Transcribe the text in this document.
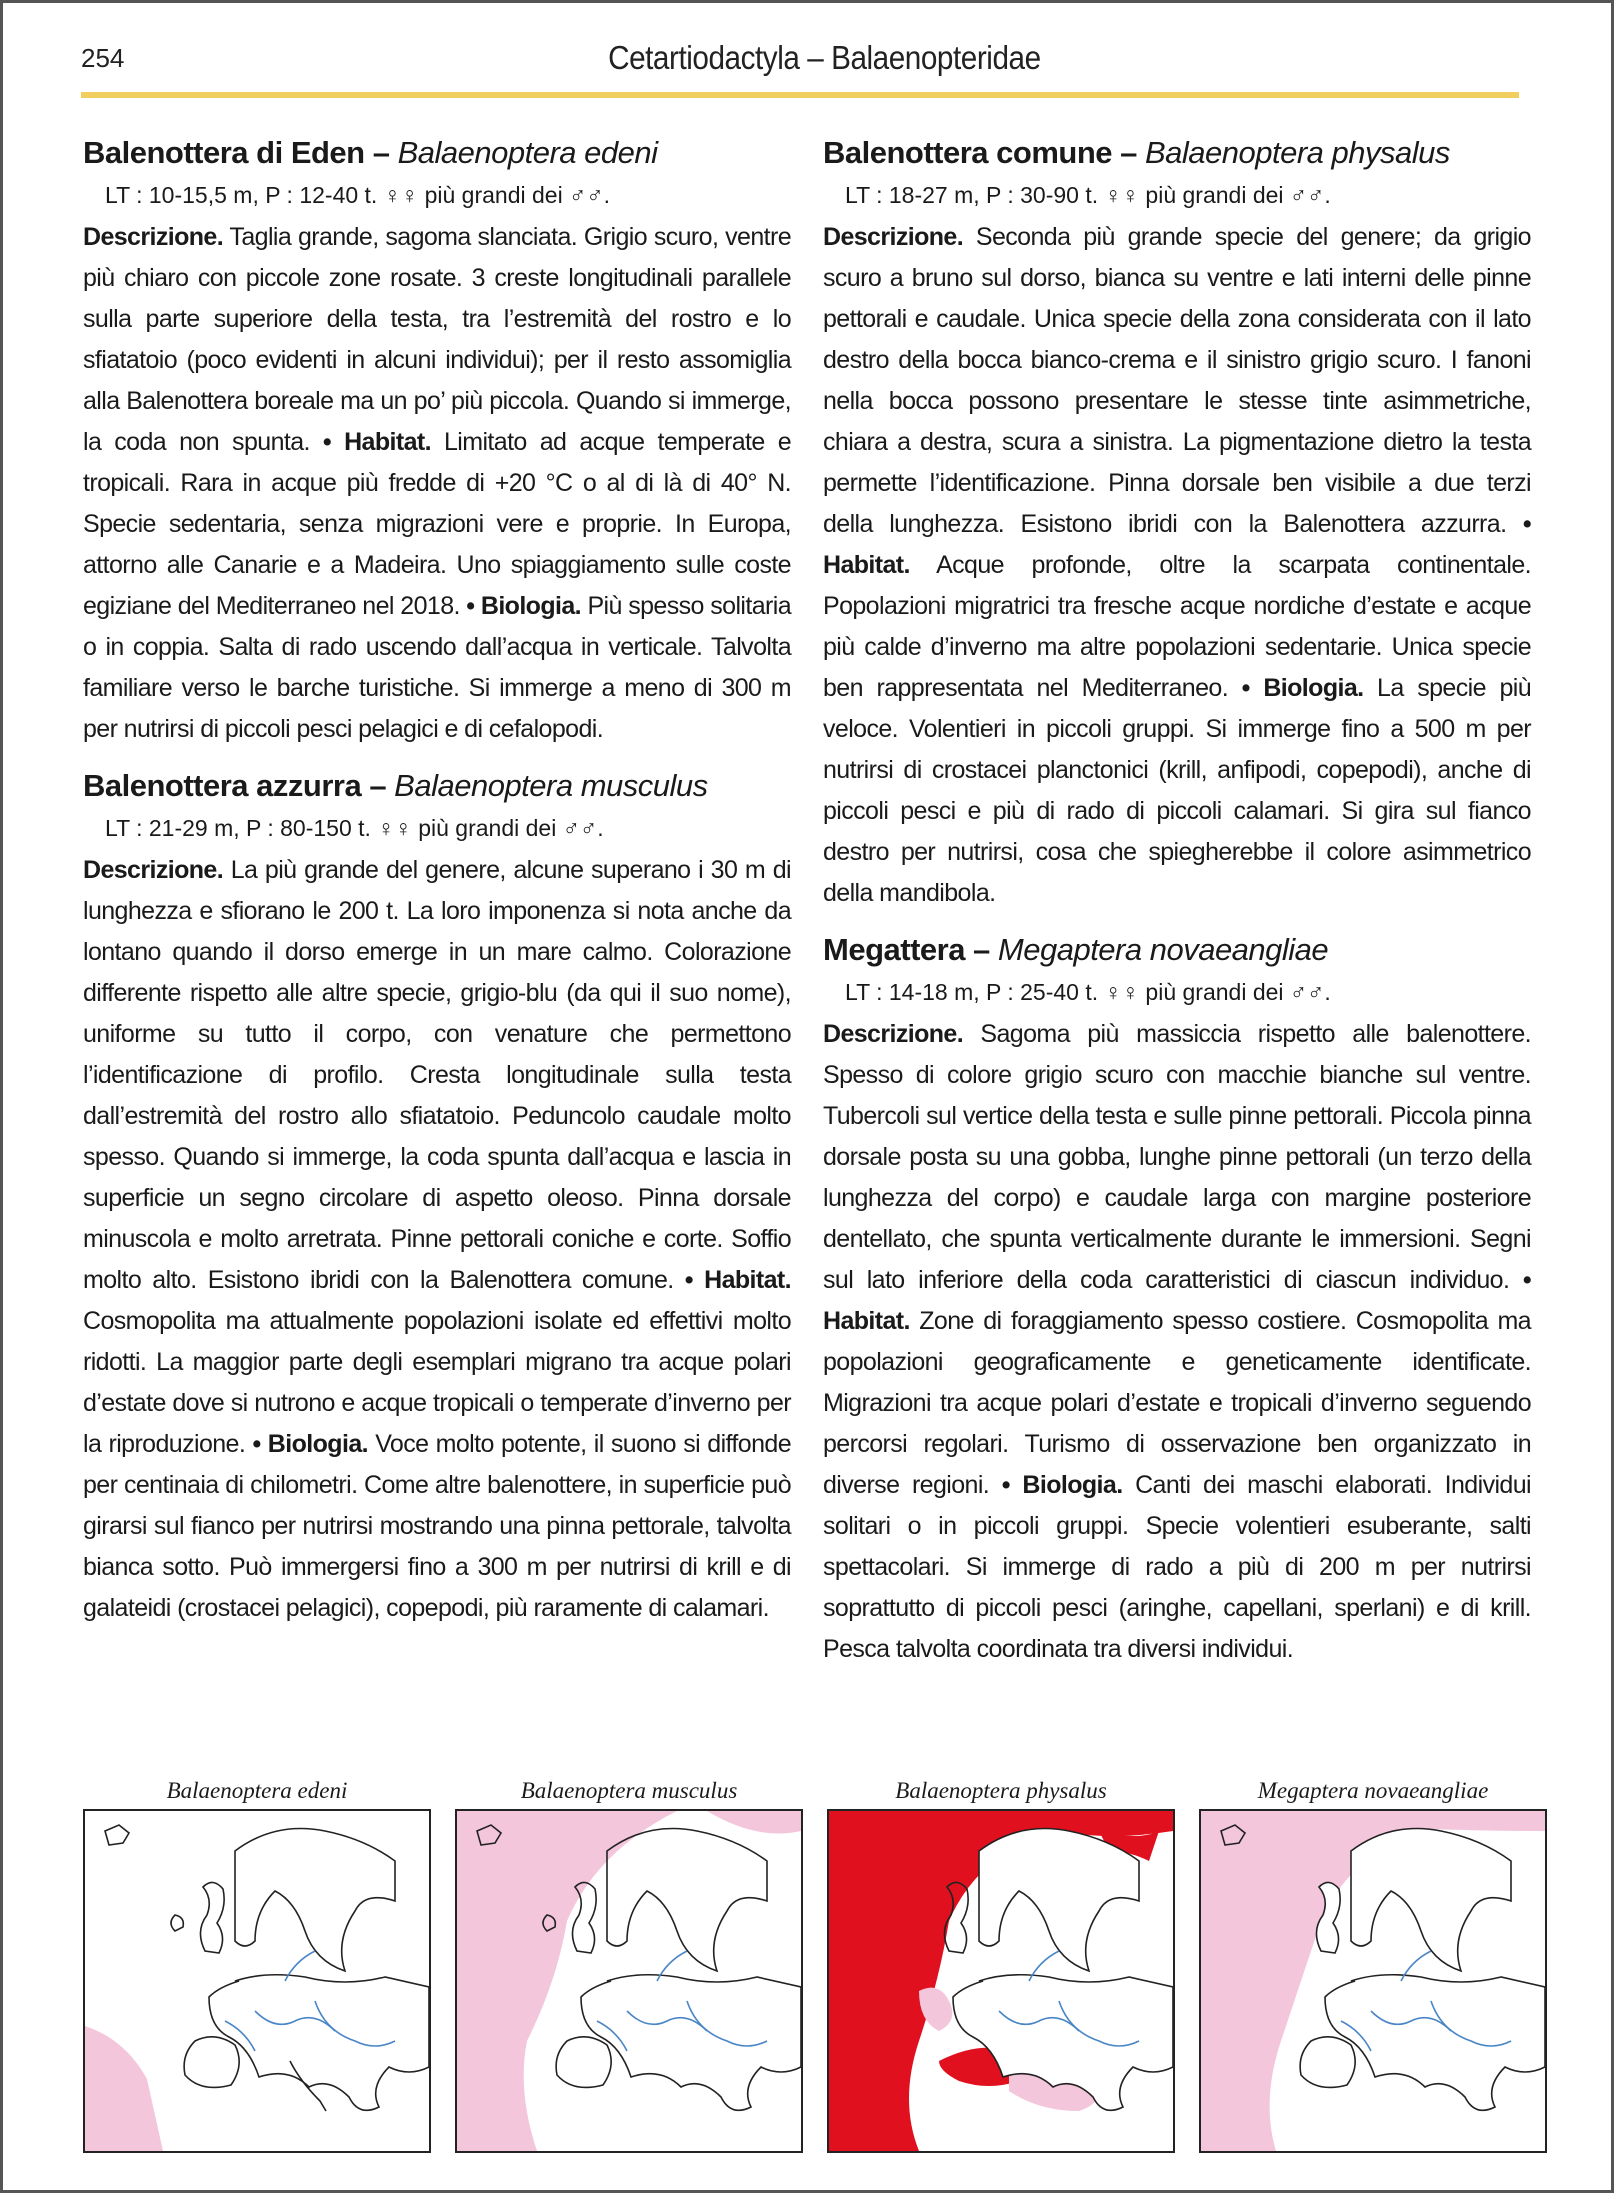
254	Cetartiodactyla – Balaenopteridae
Balenottera di Eden – Balaenoptera edeni
LT : 10-15,5 m, P : 12-40 t. ♀♀ più grandi dei ♂♂.
Descrizione. Taglia grande, sagoma slanciata. Grigio scuro, ventre più chiaro con piccole zone rosate. 3 creste longitudinali parallele sulla parte superiore della testa, tra l’estremità del rostro e lo sfiatatoio (poco evidenti in alcuni individui); per il resto assomiglia alla Balenottera boreale ma un po’ più piccola. Quando si immerge, la coda non spunta. • Habitat. Limitato ad acque temperate e tropicali. Rara in acque più fredde di +20 °C o al di là di 40° N. Specie sedentaria, senza migrazioni vere e proprie. In Europa, attorno alle Canarie e a Madeira. Uno spiaggiamento sulle coste egiziane del Mediterraneo nel 2018. • Biologia. Più spesso solitaria o in coppia. Salta di rado uscendo dall’acqua in verticale. Talvolta familiare verso le barche turistiche. Si immerge a meno di 300 m per nutrirsi di piccoli pesci pelagici e di cefalopodi.
Balenottera azzurra – Balaenoptera musculus
LT : 21-29 m, P : 80-150 t. ♀♀ più grandi dei ♂♂.
Descrizione. La più grande del genere, alcune superano i 30 m di lunghezza e sfiorano le 200 t. La loro imponenza si nota anche da lontano quando il dorso emerge in un mare calmo. Colorazione differente rispetto alle altre specie, grigio-blu (da qui il suo nome), uniforme su tutto il corpo, con venature che permettono l’identificazione di profilo. Cresta longitudinale sulla testa dall’estremità del rostro allo sfiatatoio. Peduncolo caudale molto spesso. Quando si immerge, la coda spunta dall’acqua e lascia in superficie un segno circolare di aspetto oleoso. Pinna dorsale minuscola e molto arretrata. Pinne pettorali coniche e corte. Soffio molto alto. Esistono ibridi con la Balenottera comune. • Habitat. Cosmopolita ma attualmente popolazioni isolate ed effettivi molto ridotti. La maggior parte degli esemplari migrano tra acque polari d’estate dove si nutrono e acque tropicali o temperate d’inverno per la riproduzione. • Biologia. Voce molto potente, il suono si diffonde per centinaia di chilometri. Come altre balenottere, in superficie può girarsi sul fianco per nutrirsi mostrando una pinna pettorale, talvolta bianca sotto. Può immergersi fino a 300 m per nutrirsi di krill e di galateidi (crostacei pelagici), copepodi, più raramente di calamari.
Balenottera comune – Balaenoptera physalus
LT : 18-27 m, P : 30-90 t. ♀♀ più grandi dei ♂♂.
Descrizione. Seconda più grande specie del genere; da grigio scuro a bruno sul dorso, bianca su ventre e lati interni delle pinne pettorali e caudale. Unica specie della zona considerata con il lato destro della bocca bianco-crema e il sinistro grigio scuro. I fanoni nella bocca possono presentare le stesse tinte asimmetriche, chiara a destra, scura a sinistra. La pigmentazione dietro la testa permette l’identificazione. Pinna dorsale ben visibile a due terzi della lunghezza. Esistono ibridi con la Balenottera azzurra. • Habitat. Acque profonde, oltre la scarpata continentale. Popolazioni migratrici tra fresche acque nordiche d’estate e acque più calde d’inverno ma altre popolazioni sedentarie. Unica specie ben rappresentata nel Mediterraneo. • Biologia. La specie più veloce. Volentieri in piccoli gruppi. Si immerge fino a 500 m per nutrirsi di crostacei planctonici (krill, anfipodi, copepodi), anche di piccoli pesci e più di rado di piccoli calamari. Si gira sul fianco destro per nutrirsi, cosa che spiegherebbe il colore asimmetrico della mandibola.
Megattera – Megaptera novaeangliae
LT : 14-18 m, P : 25-40 t. ♀♀ più grandi dei ♂♂.
Descrizione. Sagoma più massiccia rispetto alle balenottere. Spesso di colore grigio scuro con macchie bianche sul ventre. Tubercoli sul vertice della testa e sulle pinne pettorali. Piccola pinna dorsale posta su una gobba, lunghe pinne pettorali (un terzo della lunghezza del corpo) e caudale larga con margine posteriore dentellato, che spunta verticalmente durante le immersioni. Segni sul lato inferiore della coda caratteristici di ciascun individuo. • Habitat. Zone di foraggiamento spesso costiere. Cosmopolita ma popolazioni geograficamente e geneticamente identificate. Migrazioni tra acque polari d’estate e tropicali d’inverno seguendo percorsi regolari. Turismo di osservazione ben organizzato in diverse regioni. • Biologia. Canti dei maschi elaborati. Individui solitari o in piccoli gruppi. Specie volentieri esuberante, salti spettacolari. Si immerge di rado a più di 200 m per nutrirsi soprattutto di piccoli pesci (aringhe, capellani, sperlani) e di krill. Pesca talvolta coordinata tra diversi individui.
Balaenoptera edeni	Balaenoptera musculus	Balaenoptera physalus	Megaptera novaeangliae
